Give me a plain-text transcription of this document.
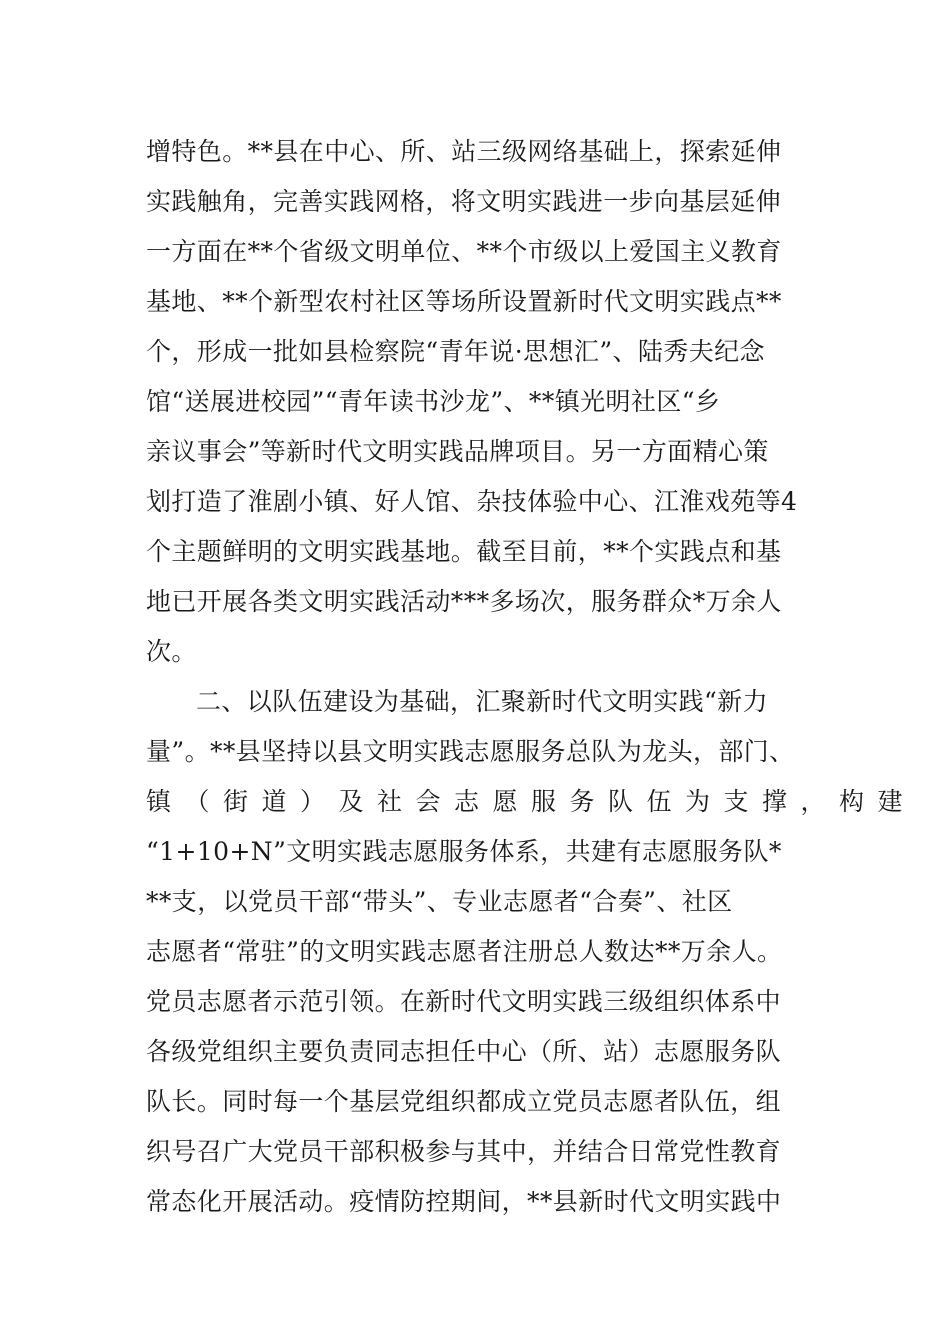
增特色。**县在中心、所、站三级网络基础上，探索延伸
实践触角，完善实践网格，将文明实践进一步向基层延伸
一方面在**个省级文明单位、**个市级以上爱国主义教育
基地、**个新型农村社区等场所设置新时代文明实践点**
个，形成一批如县检察院“青年说·思想汇”、陆秀夫纪念
馆“送展进校园”“青年读书沙龙”、**镇光明社区“乡
亲议事会”等新时代文明实践品牌项目。另一方面精心策
划打造了淮剧小镇、好人馆、杂技体验中心、江淮戏苑等4
个主题鲜明的文明实践基地。截至目前，**个实践点和基
地已开展各类文明实践活动***多场次，服务群众*万余人
次。
二、以队伍建设为基础，汇聚新时代文明实践“新力
量”。**县坚持以县文明实践志愿服务总队为龙头，部门、
镇（街道）及社会志愿服务队伍为支撑，构建
“1+10+N”文明实践志愿服务体系，共建有志愿服务队*
**支，以党员干部“带头”、专业志愿者“合奏”、社区
志愿者“常驻”的文明实践志愿者注册总人数达**万余人。
党员志愿者示范引领。在新时代文明实践三级组织体系中
各级党组织主要负责同志担任中心（所、站）志愿服务队
队长。同时每一个基层党组织都成立党员志愿者队伍，组
织号召广大党员干部积极参与其中，并结合日常党性教育
常态化开展活动。疫情防控期间，**县新时代文明实践中
